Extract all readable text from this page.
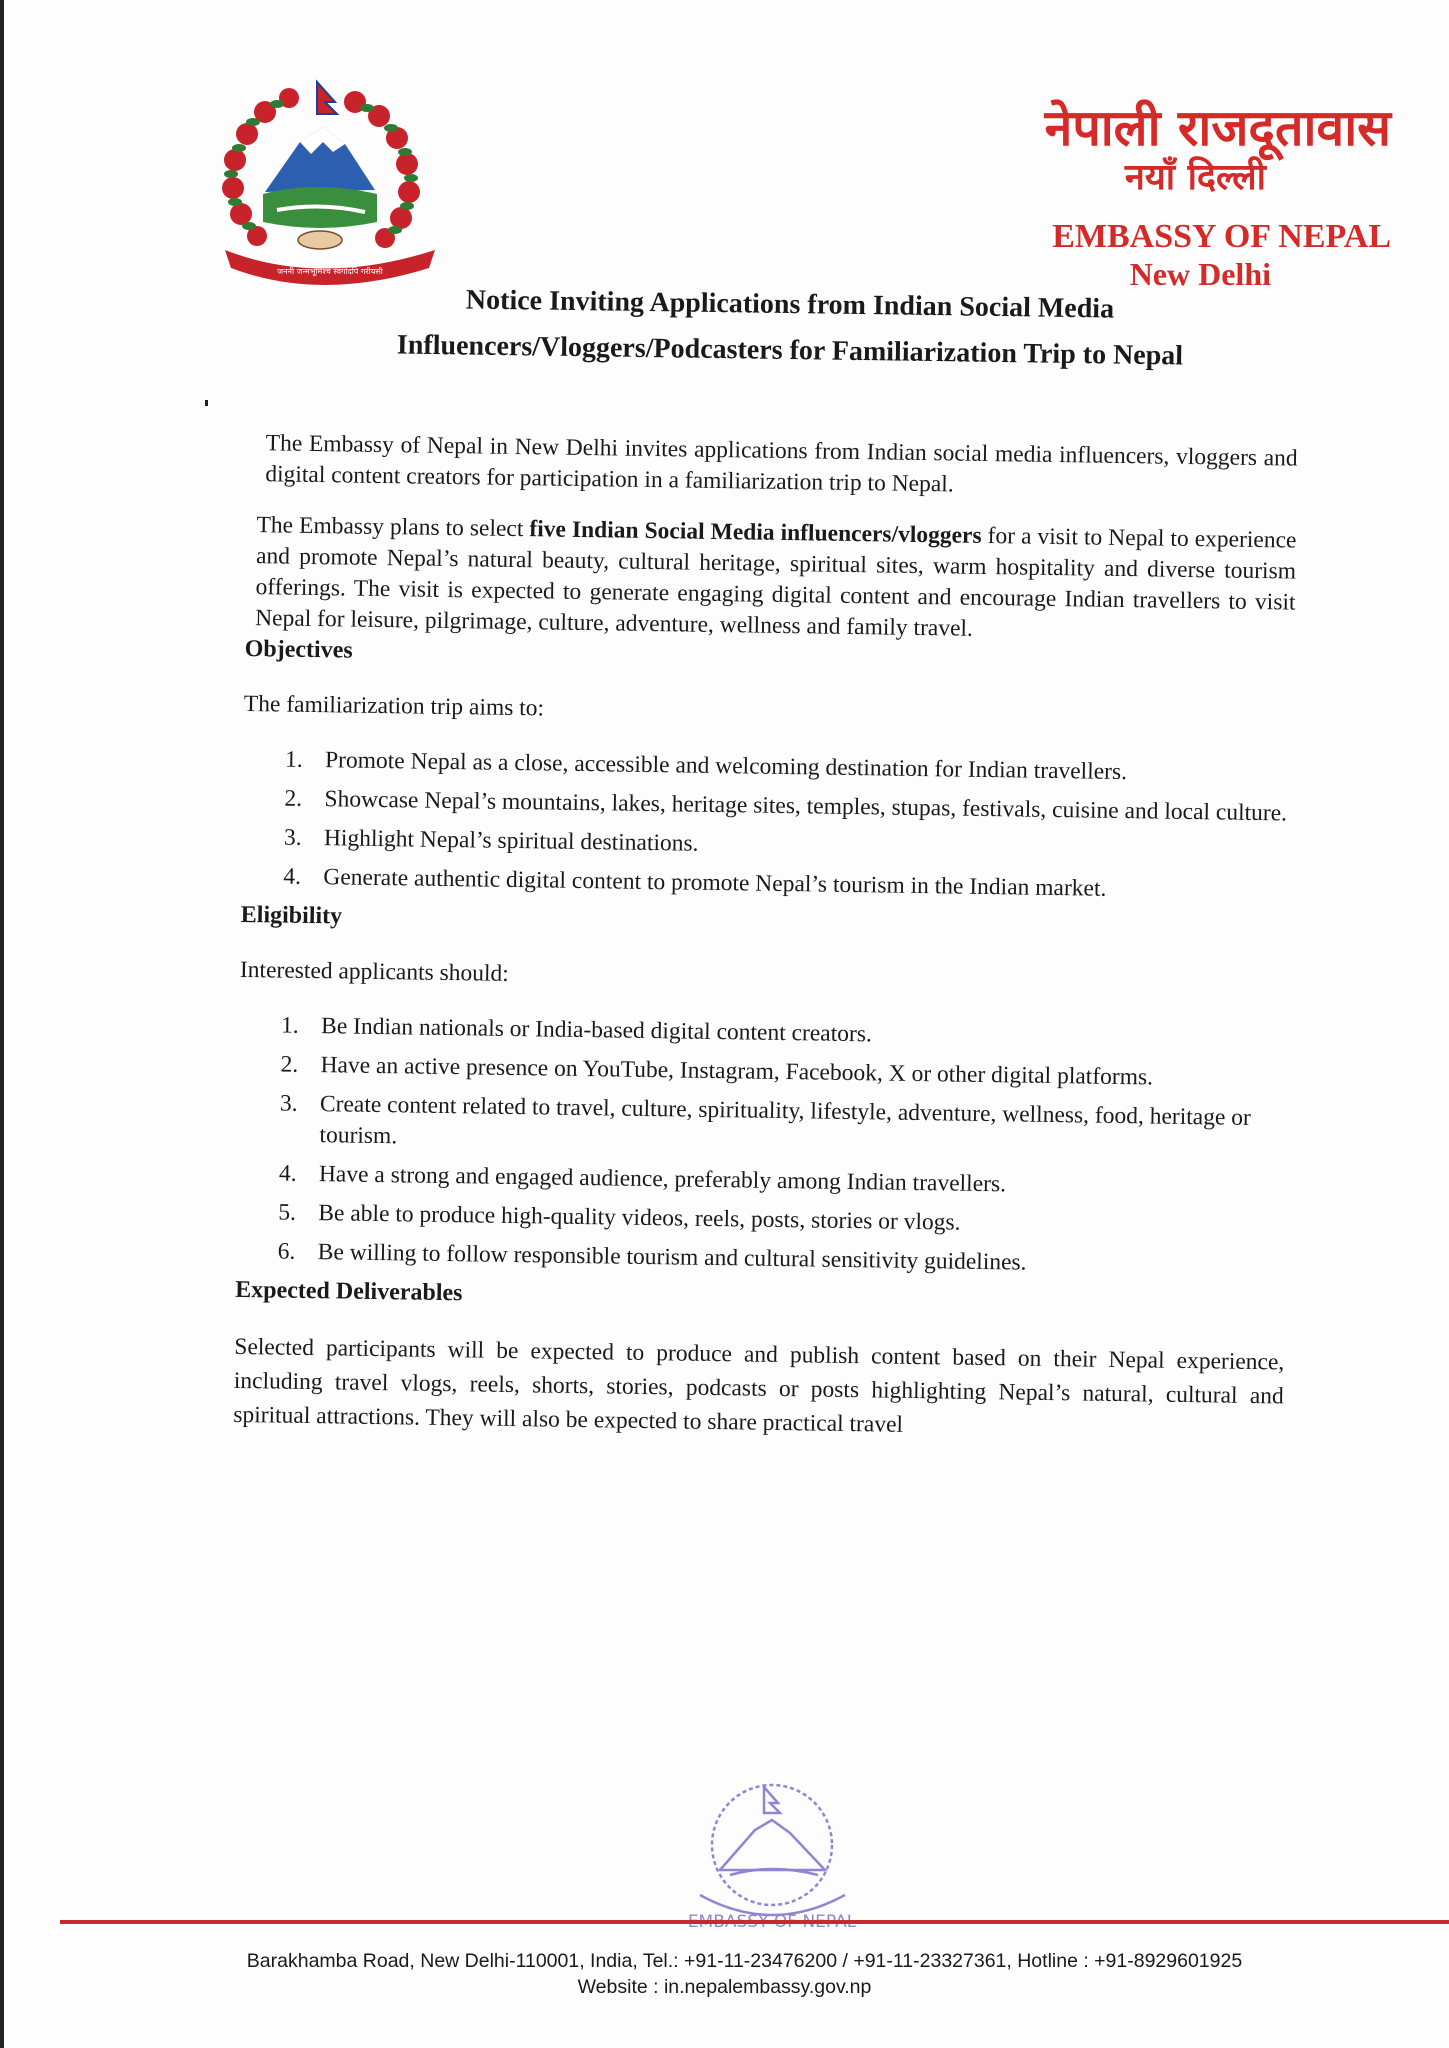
जननी जन्मभूमिश्च स्वर्गादपि गरीयसी
नेपाली राजदूतावास
नयाँ दिल्ली
EMBASSY OF NEPAL
New Delhi
Notice Inviting Applications from Indian Social Media
Influencers/Vloggers/Podcasters for Familiarization Trip to Nepal

The Embassy of Nepal in New Delhi invites applications from Indian social media influencers, vloggers and digital content creators for participation in a familiarization trip to Nepal.

The Embassy plans to select five Indian Social Media influencers/vloggers for a visit to Nepal to experience and promote Nepal’s natural beauty, cultural heritage, spiritual sites, warm hospitality and diverse tourism offerings. The visit is expected to generate engaging digital content and encourage Indian travellers to visit Nepal for leisure, pilgrimage, culture, adventure, wellness and family travel.

Objectives

The familiarization trip aims to:

1. Promote Nepal as a close, accessible and welcoming destination for Indian travellers.
2. Showcase Nepal’s mountains, lakes, heritage sites, temples, stupas, festivals, cuisine and local culture.
3. Highlight Nepal’s spiritual destinations.
4. Generate authentic digital content to promote Nepal’s tourism in the Indian market.

Eligibility

Interested applicants should:

1. Be Indian nationals or India-based digital content creators.
2. Have an active presence on YouTube, Instagram, Facebook, X or other digital platforms.
3. Create content related to travel, culture, spirituality, lifestyle, adventure, wellness, food, heritage or tourism.
4. Have a strong and engaged audience, preferably among Indian travellers.
5. Be able to produce high-quality videos, reels, posts, stories or vlogs.
6. Be willing to follow responsible tourism and cultural sensitivity guidelines.

Expected Deliverables

Selected participants will be expected to produce and publish content based on their Nepal experience, including travel vlogs, reels, shorts, stories, podcasts or posts highlighting Nepal’s natural, cultural and spiritual attractions. They will also be expected to share practical travel

Barakhamba Road, New Delhi-110001, India, Tel.: +91-11-23476200 / +91-11-23327361, Hotline : +91-8929601925
Website : in.nepalembassy.gov.np
